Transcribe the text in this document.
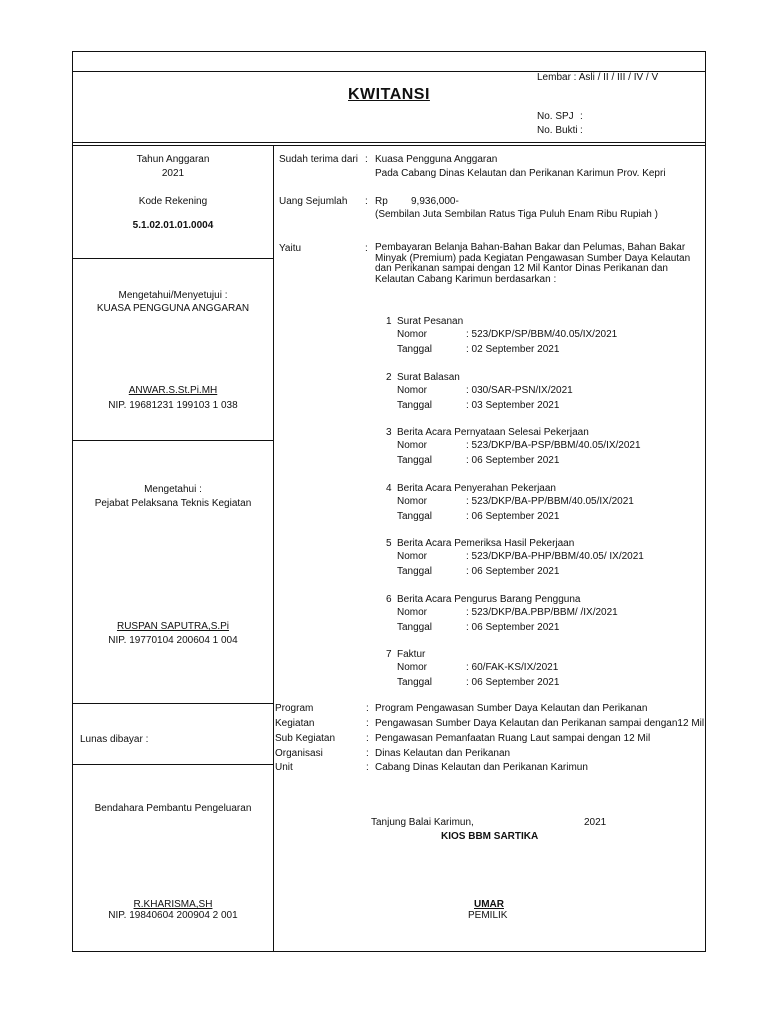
Lembar : Asli / II / III / IV / V
KWITANSI
No. SPJ :
No. Bukti :
Tahun Anggaran
2021
Kode Rekening
5.1.02.01.01.0004
Mengetahui/Menyetujui :
KUASA PENGGUNA ANGGARAN
ANWAR.S.St.Pi.MH
NIP. 19681231 199103 1 038
Mengetahui :
Pejabat Pelaksana Teknis Kegiatan
RUSPAN SAPUTRA,S.Pi
NIP. 19770104 200604 1 004
Lunas dibayar :
Bendahara Pembantu Pengeluaran
R.KHARISMA,SH
NIP. 19840604 200904 2 001
Sudah terima dari : Kuasa Pengguna Anggaran
Pada Cabang Dinas Kelautan dan Perikanan Karimun Prov. Kepri
Uang Sejumlah : Rp 9,936,000-
(Sembilan Juta Sembilan Ratus Tiga Puluh Enam Ribu Rupiah )
Yaitu	: Pembayaran Belanja Bahan-Bahan Bakar dan Pelumas, Bahan Bakar Minyak (Premium) pada Kegiatan Pengawasan Sumber Daya Kelautan dan Perikanan sampai dengan 12 Mil Kantor Dinas Perikanan dan Kelautan Cabang Karimun berdasarkan :
1 Surat Pesanan
Nomor	: 523/DKP/SP/BBM/40.05/IX/2021
Tanggal	: 02 September 2021
2 Surat Balasan
Nomor	: 030/SAR-PSN/IX/2021
Tanggal	: 03 September 2021
3 Berita Acara Pernyataan Selesai Pekerjaan
Nomor	: 523/DKP/BA-PSP/BBM/40.05/IX/2021
Tanggal	: 06 September 2021
4 Berita Acara Penyerahan Pekerjaan
Nomor	: 523/DKP/BA-PP/BBM/40.05/IX/2021
Tanggal	: 06 September 2021
5 Berita Acara Pemeriksa Hasil Pekerjaan
Nomor	: 523/DKP/BA-PHP/BBM/40.05/ IX/2021
Tanggal	: 06 September 2021
6 Berita Acara Pengurus Barang Pengguna
Nomor	: 523/DKP/BA.PBP/BBM/ /IX/2021
Tanggal	: 06 September 2021
7 Faktur
Nomor	: 60/FAK-KS/IX/2021
Tanggal	: 06 September 2021
Program	: Program Pengawasan Sumber Daya Kelautan dan Perikanan
Kegiatan	: Pengawasan Sumber Daya Kelautan dan Perikanan sampai dengan12 Mil
Sub Kegiatan	: Pengawasan Pemanfaatan Ruang Laut sampai dengan 12 Mil
Organisasi	: Dinas Kelautan dan Perikanan
Unit	: Cabang Dinas Kelautan dan Perikanan Karimun
Tanjung Balai Karimun,	2021
KIOS BBM SARTIKA
UMAR
PEMILIK
